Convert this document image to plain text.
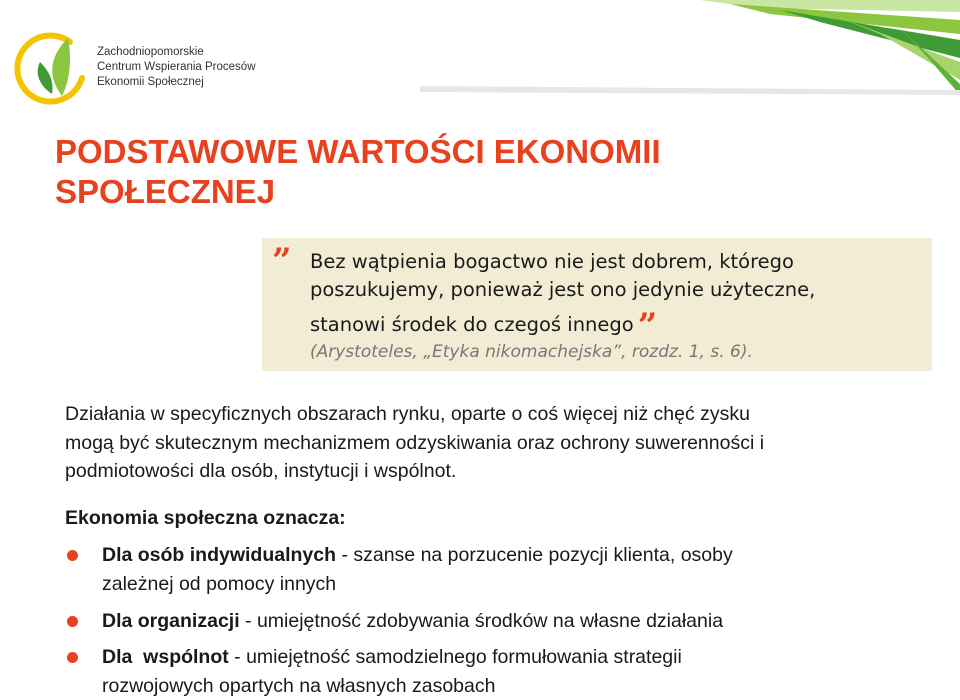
Zachodniopomorskie
Centrum Wspierania Procesów
Ekonomii Społecznej
PODSTAWOWE WARTOŚCI EKONOMII
SPOŁECZNEJ
” Bez wątpienia bogactwo nie jest dobrem, którego
poszukujemy, ponieważ jest ono jedynie użyteczne,
stanowi środek do czegoś innego ”
(Arystoteles, „Etyka nikomachejska”, rozdz. 1, s. 6).
Działania w specyficznych obszarach rynku, oparte o coś więcej niż chęć zysku
mogą być skutecznym mechanizmem odzyskiwania oraz ochrony suwerenności i
podmiotowości dla osób, instytucji i wspólnot.
Ekonomia społeczna oznacza:
Dla osób indywidualnych - szanse na porzucenie pozycji klienta, osoby
zależnej od pomocy innych
Dla organizacji - umiejętność zdobywania środków na własne działania
Dla  wspólnot - umiejętność samodzielnego formułowania strategii
rozwojowych opartych na własnych zasobach
